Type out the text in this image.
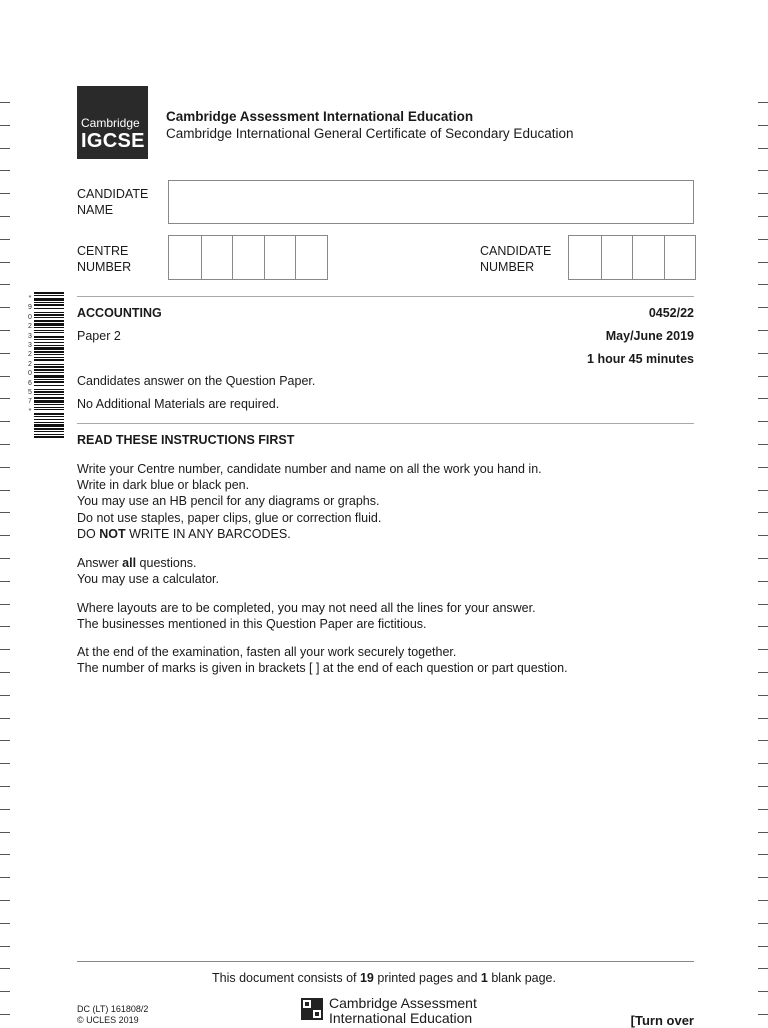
Cambridge
IGCSE
Cambridge Assessment International Education
Cambridge International General Certificate of Secondary Education
CANDIDATE
NAME
CENTRE
NUMBER
CANDIDATE
NUMBER
*
9
0
2
3
3
2
2
0
6
5
7
*
ACCOUNTING	0452/22
Paper 2	May/June 2019
1 hour 45 minutes
Candidates answer on the Question Paper.
No Additional Materials are required.
READ THESE INSTRUCTIONS FIRST

Write your Centre number, candidate number and name on all the work you hand in.

Write in dark blue or black pen.

You may use an HB pencil for any diagrams or graphs.

Do not use staples, paper clips, glue or correction fluid.

DO NOT WRITE IN ANY BARCODES.

Answer all questions.

You may use a calculator.

Where layouts are to be completed, you may not need all the lines for your answer.

The businesses mentioned in this Question Paper are fictitious.

At the end of the examination, fasten all your work securely together.

The number of marks is given in brackets [ ] at the end of each question or part question.

This document consists of 19 printed pages and 1 blank page.
DC (LT) 161808/2
© UCLES 2019
Cambridge Assessment
International Education	[Turn over
